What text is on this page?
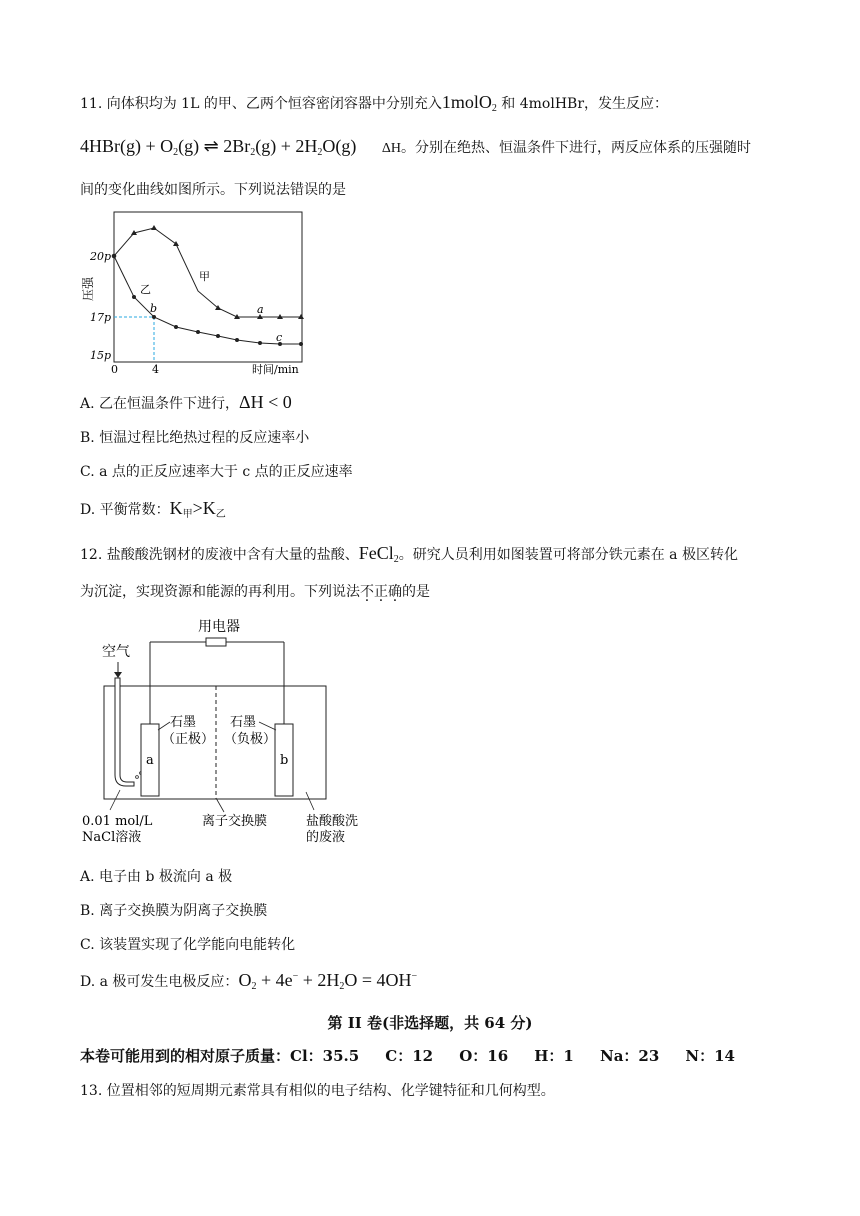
11. 向体积均为 1L 的甲、乙两个恒容密闭容器中分别充入1molO$_2$ 和 4molHBr，发生反应：
$4HBr(g) + O_2(g)$ ⇌ $2Br_2(g) + 2H_2O(g)$ ΔH。分别在绝热、恒温条件下进行，两反应体系的压强随时
间的变化曲线如图所示。下列说法错误的是
压强
20p
17p
15p
0	4	时间/min
甲
乙
a
b
c
A. 乙在恒温条件下进行，ΔH < 0
B. 恒温过程比绝热过程的反应速率小
C. a 点的正反应速率大于 c 点的正反应速率
D. 平衡常数：$K_甲>K_乙$
12. 盐酸酸洗钢材的废液中含有大量的盐酸、FeCl$_2$。研究人员利用如图装置可将部分铁元素在 a 极区转化
为沉淀，实现资源和能源的再利用。下列说法不正确的是
用电器
空气
a	b
石墨
（正极）
石墨
（负极）
0.01 mol/L
NaCl溶液
离子交换膜	盐酸酸洗
的废液
A. 电子由 b 极流向 a 极
B. 离子交换膜为阴离子交换膜
C. 该装置实现了化学能向电能转化
D. a 极可发生电极反应：$O_2 + 4e^- + 2H_2O = 4OH^-$
第 II 卷(非选择题，共 64 分)
本卷可能用到的相对原子质量：Cl：35.5     C：12     O：16     H：1     Na：23     N：14
13. 位置相邻的短周期元素常具有相似的电子结构、化学键特征和几何构型。
